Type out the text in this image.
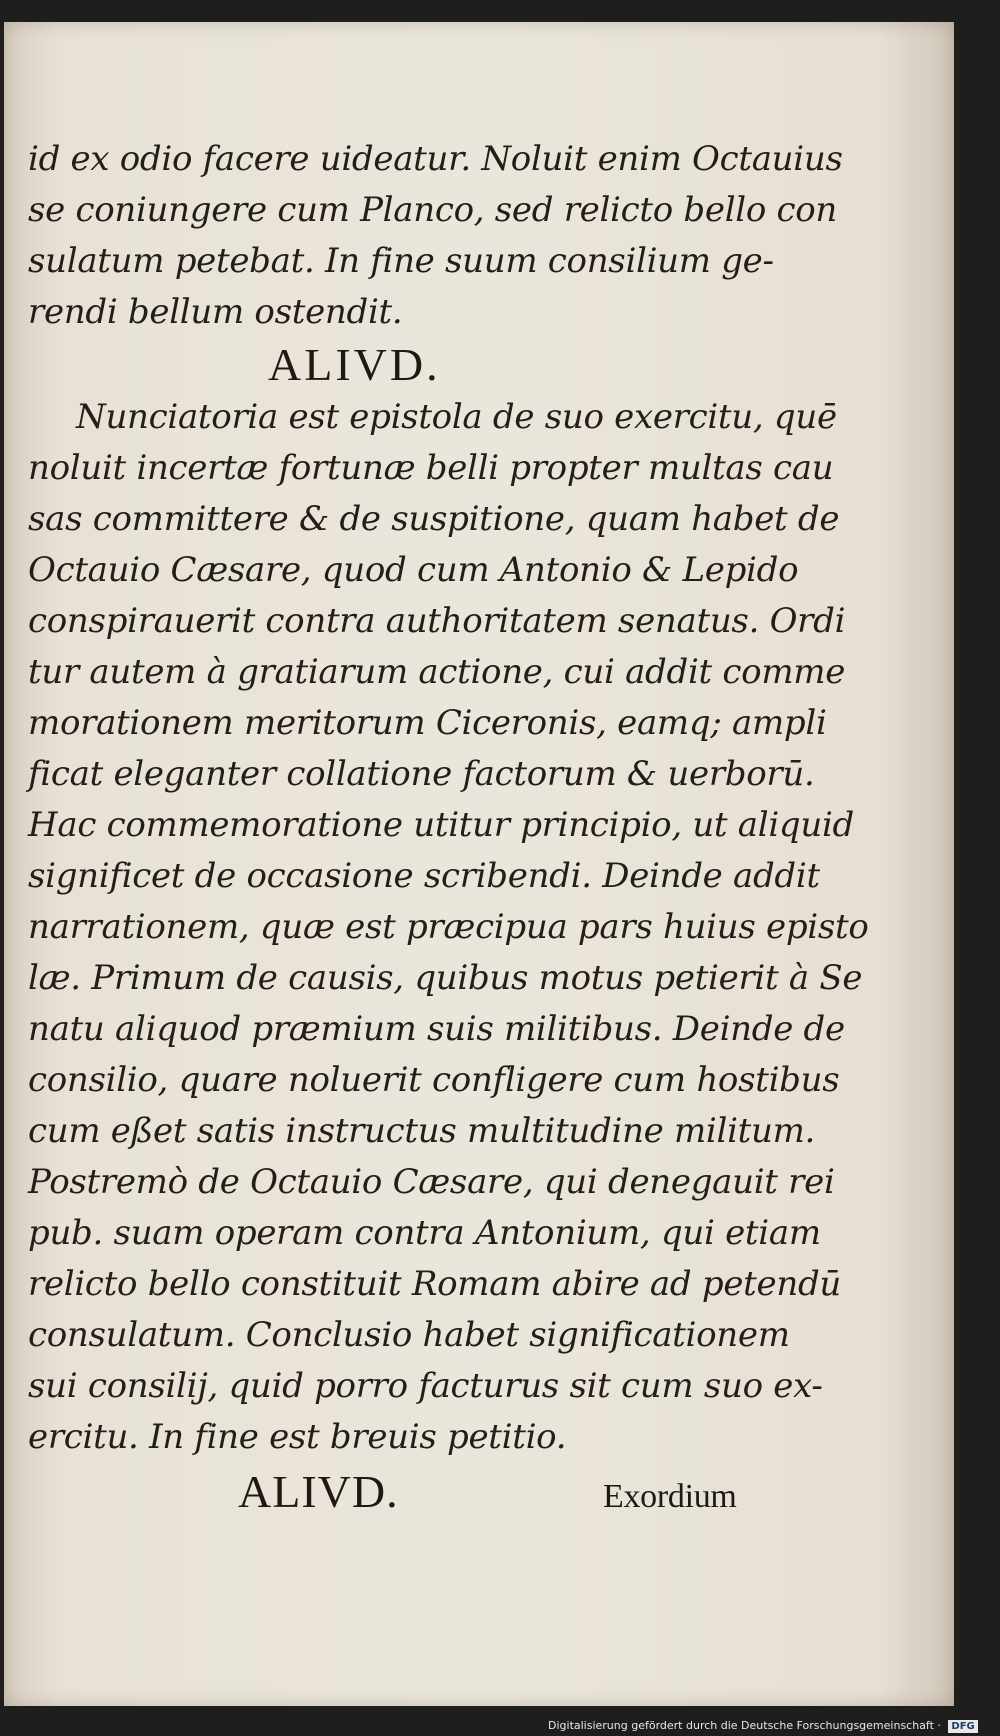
id ex odio facere uideatur. Noluit enim Octauius
se coniungere cum Planco, sed relicto bello con
sulatum petebat. In fine suum consilium ge-
rendi bellum ostendit.
ALIVD.
Nunciatoria est epistola de suo exercitu, quē
noluit incertæ fortunæ belli propter multas cau
sas committere & de suspitione, quam habet de
Octauio Cæsare, quod cum Antonio & Lepido
conspirauerit contra authoritatem senatus. Ordi
tur autem à gratiarum actione, cui addit comme
morationem meritorum Ciceronis, eamq; ampli
ficat eleganter collatione factorum & uerborū.
Hac commemoratione utitur principio, ut aliquid
significet de occasione scribendi. Deinde addit
narrationem, quæ est præcipua pars huius episto
læ. Primum de causis, quibus motus petierit à Se
natu aliquod præmium suis militibus. Deinde de
consilio, quare noluerit confligere cum hostibus
cum eßet satis instructus multitudine militum.
Postremò de Octauio Cæsare, qui denegauit rei
pub. suam operam contra Antonium, qui etiam
relicto bello constituit Romam abire ad petendū
consulatum. Conclusio habet significationem
sui consilij, quid porro facturus sit cum suo ex-
ercitu. In fine est breuis petitio.
ALIVD.	Exordium
Digitalisierung gefördert durch die Deutsche Forschungsgemeinschaft · DFG
